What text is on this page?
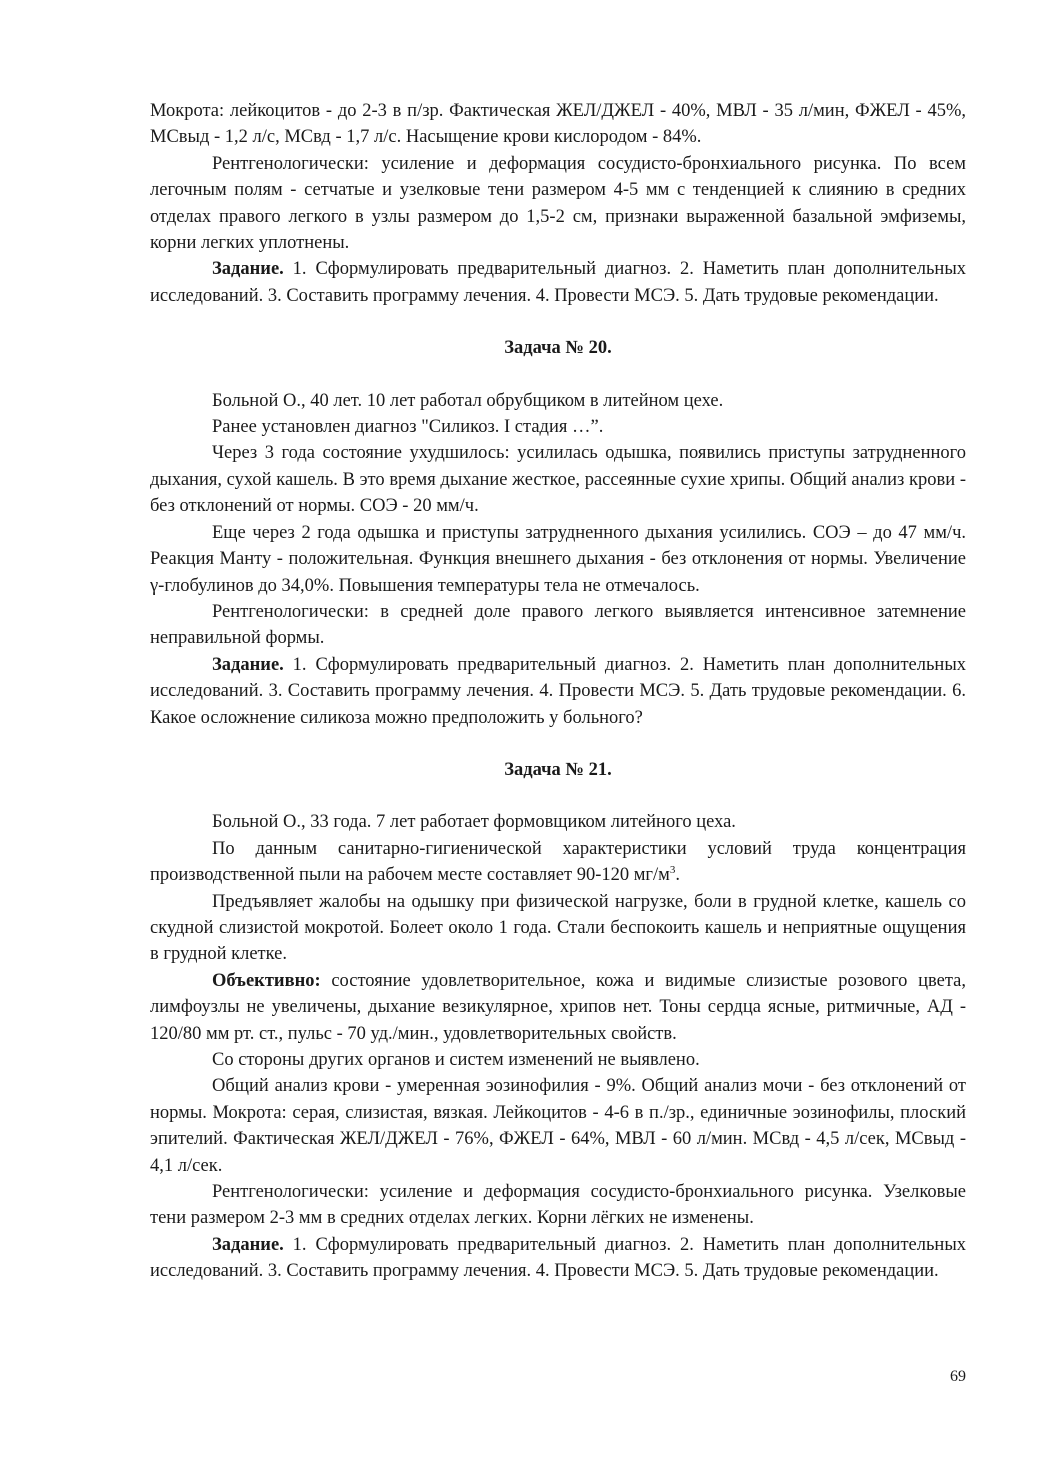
Мокрота: лейкоцитов - до 2-3 в п/зр. Фактическая ЖЕЛ/ДЖЕЛ - 40%, МВЛ - 35 л/мин, ФЖЕЛ - 45%, МСвыд - 1,2 л/с, МСвд - 1,7 л/с. Насыщение крови кислородом - 84%.

Рентгенологически: усиление и деформация сосудисто-бронхиального рисунка. По всем легочным полям - сетчатые и узелковые тени размером 4-5 мм с тенденцией к слиянию в средних отделах правого легкого в узлы размером до 1,5-2 см, признаки выраженной базальной эмфиземы, корни легких уплотнены.

Задание. 1. Сформулировать предварительный диагноз. 2. Наметить план дополнительных исследований. 3. Составить программу лечения. 4. Провести МСЭ. 5. Дать трудовые рекомендации.

Задача № 20.

Больной О., 40 лет. 10 лет работал обрубщиком в литейном цехе.

Ранее установлен диагноз "Силикоз. I стадия …”.

Через 3 года состояние ухудшилось: усилилась одышка, появились приступы затрудненного дыхания, сухой кашель. В это время дыхание жесткое, рассеянные сухие хрипы. Общий анализ крови - без отклонений от нормы. СОЭ - 20 мм/ч.

Еще через 2 года одышка и приступы затрудненного дыхания усилились. СОЭ – до 47 мм/ч. Реакция Манту - положительная. Функция внешнего дыхания - без отклонения от нормы. Увеличение γ-глобулинов до 34,0%. Повышения температуры тела не отмечалось.

Рентгенологически: в средней доле правого легкого выявляется интенсивное затемнение неправильной формы.

Задание. 1. Сформулировать предварительный диагноз. 2. Наметить план дополнительных исследований. 3. Составить программу лечения. 4. Провести МСЭ. 5. Дать трудовые рекомендации. 6. Какое осложнение силикоза можно предположить у больного?

Задача № 21.

Больной О., 33 года. 7 лет работает формовщиком литейного цеха.

По данным санитарно-гигиенической характеристики условий труда концентрация производственной пыли на рабочем месте составляет 90-120 $мг/м^3$.

Предъявляет жалобы на одышку при физической нагрузке, боли в грудной клетке, кашель со скудной слизистой мокротой. Болеет около 1 года. Стали беспокоить кашель и неприятные ощущения в грудной клетке.

Объективно: состояние удовлетворительное, кожа и видимые слизистые розового цвета, лимфоузлы не увеличены, дыхание везикулярное, хрипов нет. Тоны сердца ясные, ритмичные, АД - 120/80 мм рт. ст., пульс - 70 уд./мин., удовлетворительных свойств.

Со стороны других органов и систем изменений не выявлено.

Общий анализ крови - умеренная эозинофилия - 9%. Общий анализ мочи - без отклонений от нормы. Мокрота: серая, слизистая, вязкая. Лейкоцитов - 4-6 в п./зр., единичные эозинофилы, плоский эпителий. Фактическая ЖЕЛ/ДЖЕЛ - 76%, ФЖЕЛ - 64%, МВЛ - 60 л/мин. МСвд - 4,5 л/сек, МСвыд - 4,1 л/сек.

Рентгенологически: усиление и деформация сосудисто-бронхиального рисунка. Узелковые тени размером 2-3 мм в средних отделах легких. Корни лёгких не изменены.

Задание. 1. Сформулировать предварительный диагноз. 2. Наметить план дополнительных исследований. 3. Составить программу лечения. 4. Провести МСЭ. 5. Дать трудовые рекомендации.

69
